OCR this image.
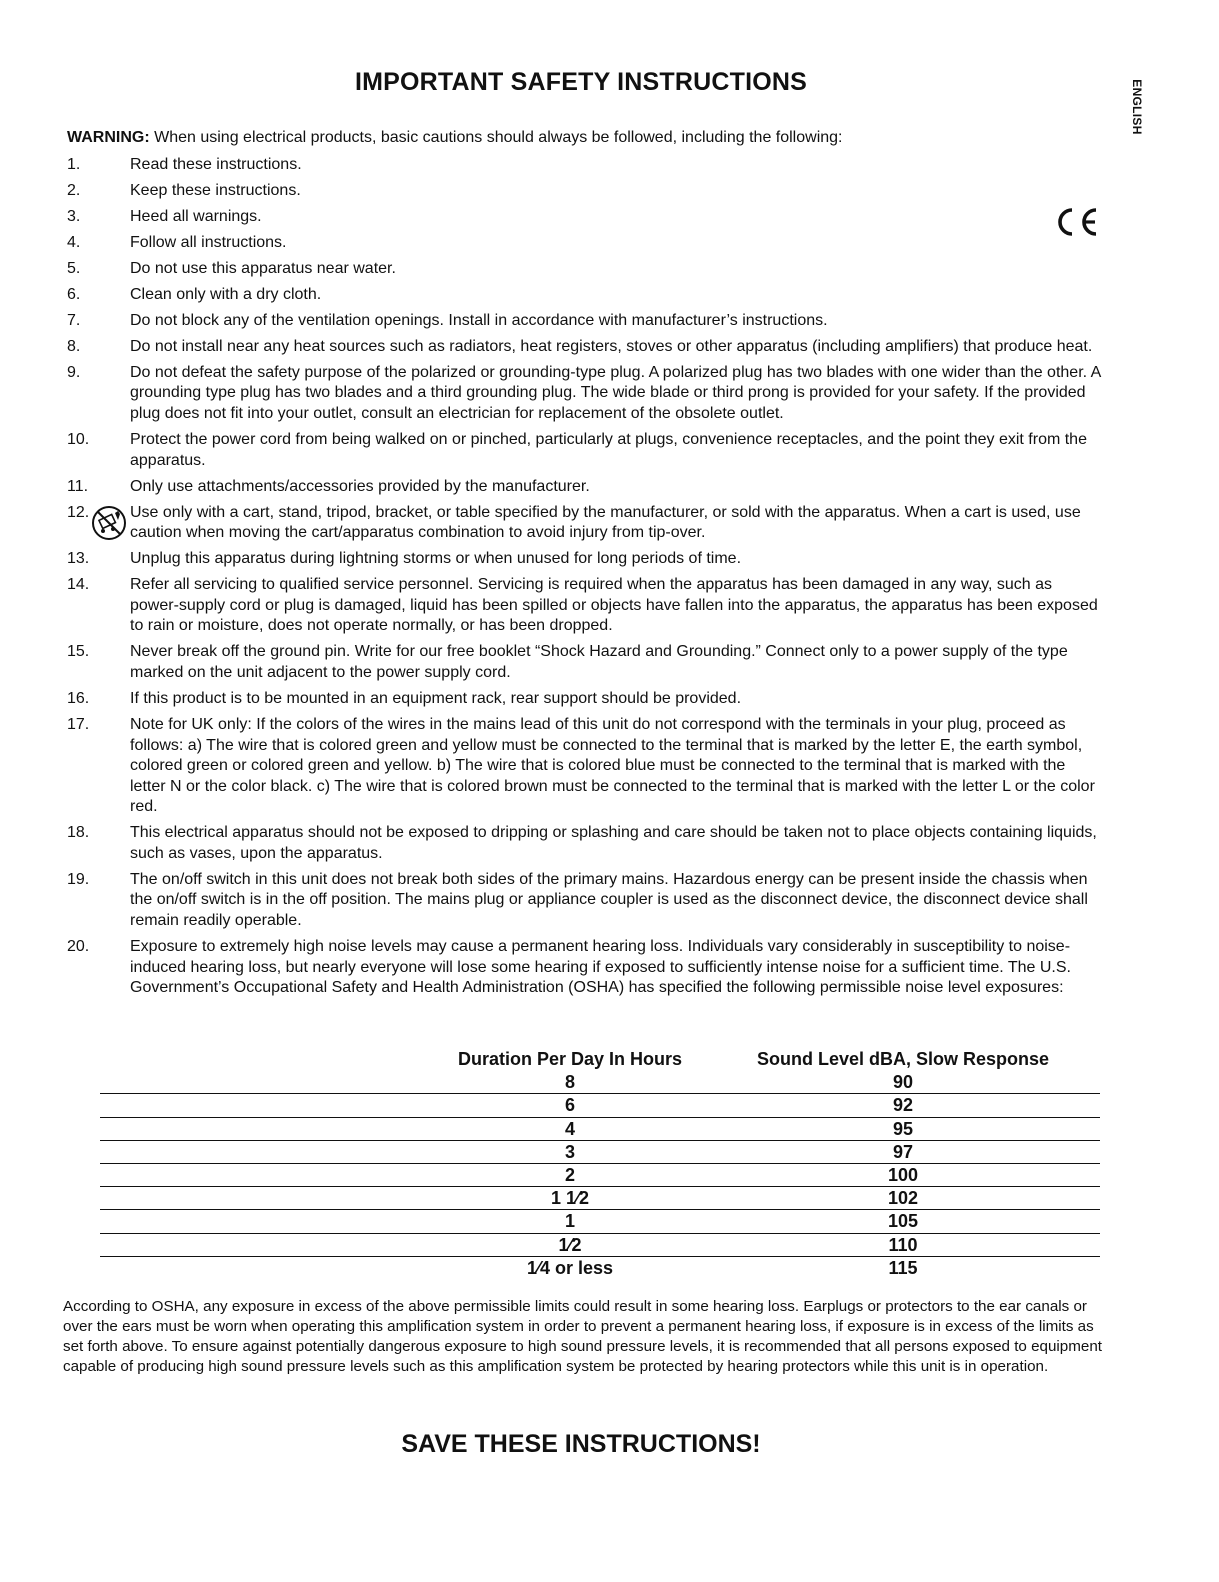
IMPORTANT SAFETY INSTRUCTIONS	ENGLISH

WARNING: When using electrical products, basic cautions should always be followed, including the following:

1.	Read these instructions.
2.	Keep these instructions.
3.	Heed all warnings.
4.	Follow all instructions.
5.	Do not use this apparatus near water.
6.	Clean only with a dry cloth.
7.	Do not block any of the ventilation openings. Install in accordance with manufacturer’s instructions.
8.	Do not install near any heat sources such as radiators, heat registers, stoves or other apparatus (including amplifiers) that produce heat.
9.	Do not defeat the safety purpose of the polarized or grounding-type plug. A polarized plug has two blades with one wider than the other. A grounding type plug has two blades and a third grounding plug. The wide blade or third prong is provided for your safety. If the provided plug does not fit into your outlet, consult an electrician for replacement of the obsolete outlet.
10.	Protect the power cord from being walked on or pinched, particularly at plugs, convenience receptacles, and the point they exit from the apparatus.
11.	Only use attachments/accessories provided by the manufacturer.
12.	Use only with a cart, stand, tripod, bracket, or table specified by the manufacturer, or sold with the apparatus. When a cart is used, use caution when moving the cart/apparatus combination to avoid injury from tip-over.
13.	Unplug this apparatus during lightning storms or when unused for long periods of time.
14.	Refer all servicing to qualified service personnel. Servicing is required when the apparatus has been damaged in any way, such as power-supply cord or plug is damaged, liquid has been spilled or objects have fallen into the apparatus, the apparatus has been exposed to rain or moisture, does not operate normally, or has been dropped.
15.	Never break off the ground pin. Write for our free booklet “Shock Hazard and Grounding.” Connect only to a power supply of the type marked on the unit adjacent to the power supply cord.
16.	If this product is to be mounted in an equipment rack, rear support should be provided.
17.	Note for UK only: If the colors of the wires in the mains lead of this unit do not correspond with the terminals in your plug, proceed as follows: a) The wire that is colored green and yellow must be connected to the terminal that is marked by the letter E, the earth symbol, colored green or colored green and yellow. b) The wire that is colored blue must be connected to the terminal that is marked with the letter N or the color black. c) The wire that is colored brown must be connected to the terminal that is marked with the letter L or the color red.
18.	This electrical apparatus should not be exposed to dripping or splashing and care should be taken not to place objects containing liquids, such as vases, upon the apparatus.
19.	The on/off switch in this unit does not break both sides of the primary mains. Hazardous energy can be present inside the chassis when the on/off switch is in the off position. The mains plug or appliance coupler is used as the disconnect device, the disconnect device shall remain readily operable.
20.	Exposure to extremely high noise levels may cause a permanent hearing loss. Individuals vary considerably in susceptibility to noise-induced hearing loss, but nearly everyone will lose some hearing if exposed to sufficiently intense noise for a sufficient time. The U.S. Government’s Occupational Safety and Health Administration (OSHA) has specified the following permissible noise level exposures:
Duration Per Day In Hours	Sound Level dBA, Slow Response
8	90
6	92
4	95
3	97
2	100
1 1⁄2	102
1	105
1⁄2	110
1⁄4 or less	115

According to OSHA, any exposure in excess of the above permissible limits could result in some hearing loss. Earplugs or protectors to the ear canals or over the ears must be worn when operating this amplification system in order to prevent a permanent hearing loss, if exposure is in excess of the limits as set forth above. To ensure against potentially dangerous exposure to high sound pressure levels, it is recommended that all persons exposed to equipment capable of producing high sound pressure levels such as this amplification system be protected by hearing protectors while this unit is in operation.

SAVE THESE INSTRUCTIONS!
